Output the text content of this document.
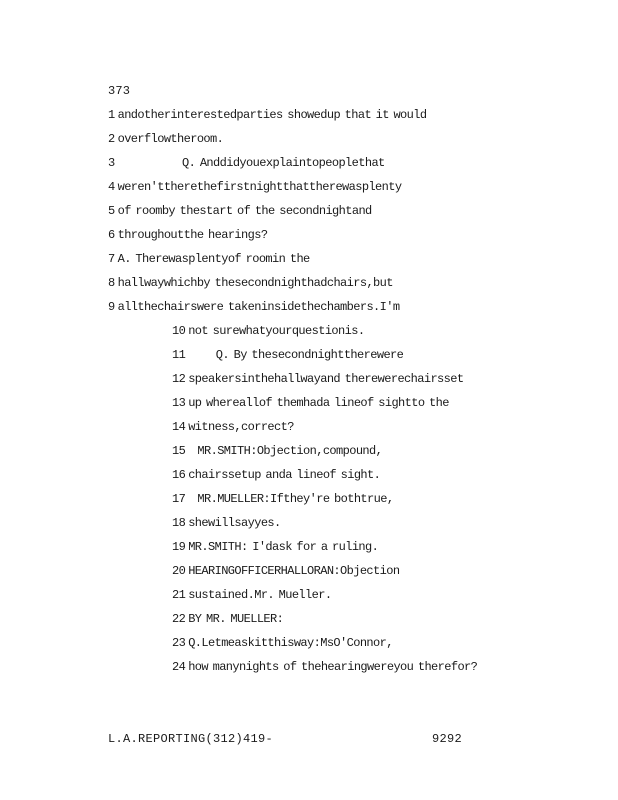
373
1 andotherinterestedparties showedup that it would
2 overflowtheroom.
3              Q. Anddidyouexplaintopeoplethat
4 weren'ttherethefirstnightthattherewasplenty
5 of roomby thestart of the secondnightand
6 throughoutthe hearings?
7 A. Therewasplentyof roomin the
8 hallwaywhichby thesecondnighthadchairs,but
9 allthechairswere takeninsidethechambers.I'm
10 not surewhatyourquestionis.
11      Q. By thesecondnighttherewere
12 speakersinthehallwayand therewerechairsset
13 up whereallof themhada lineof sightto the
14 witness,correct?
15  MR.SMITH:Objection,compound,
16 chairssetup anda lineof sight.
17  MR.MUELLER:Ifthey're bothtrue,
18 shewillsayyes.
19 MR.SMITH: I'dask for a ruling.
20 HEARINGOFFICERHALLORAN:Objection
21 sustained.Mr. Mueller.
22 BY MR. MUELLER:
23 Q.Letmeaskitthisway:MsO'Connor,
24 how manynights of thehearingwereyou therefor?
L.A.REPORTING(312)419-	9292
